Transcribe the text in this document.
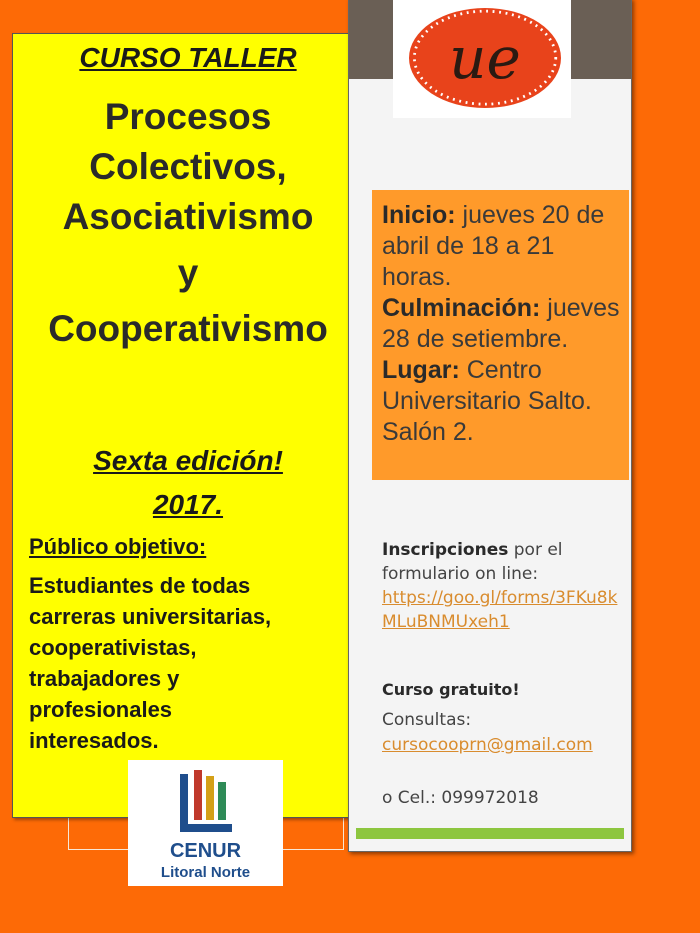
CURSO TALLER
Procesos
Colectivos,
Asociativismo
y
Cooperativismo
Sexta edición!
2017.
Público objetivo:
Estudiantes de todas
carreras universitarias,
cooperativistas,
trabajadores y
profesionales
interesados.
CENUR
Litoral Norte
ue
Inicio: jueves 20 de abril de 18 a 21 horas.
Culminación: jueves 28 de setiembre.
Lugar: Centro Universitario Salto. Salón 2.
Inscripciones por el formulario on line:
https://goo.gl/forms/3FKu8kMLuBNMUxeh1
Curso gratuito!
Consultas:
cursocooprn@gmail.com
o Cel.: 099972018
